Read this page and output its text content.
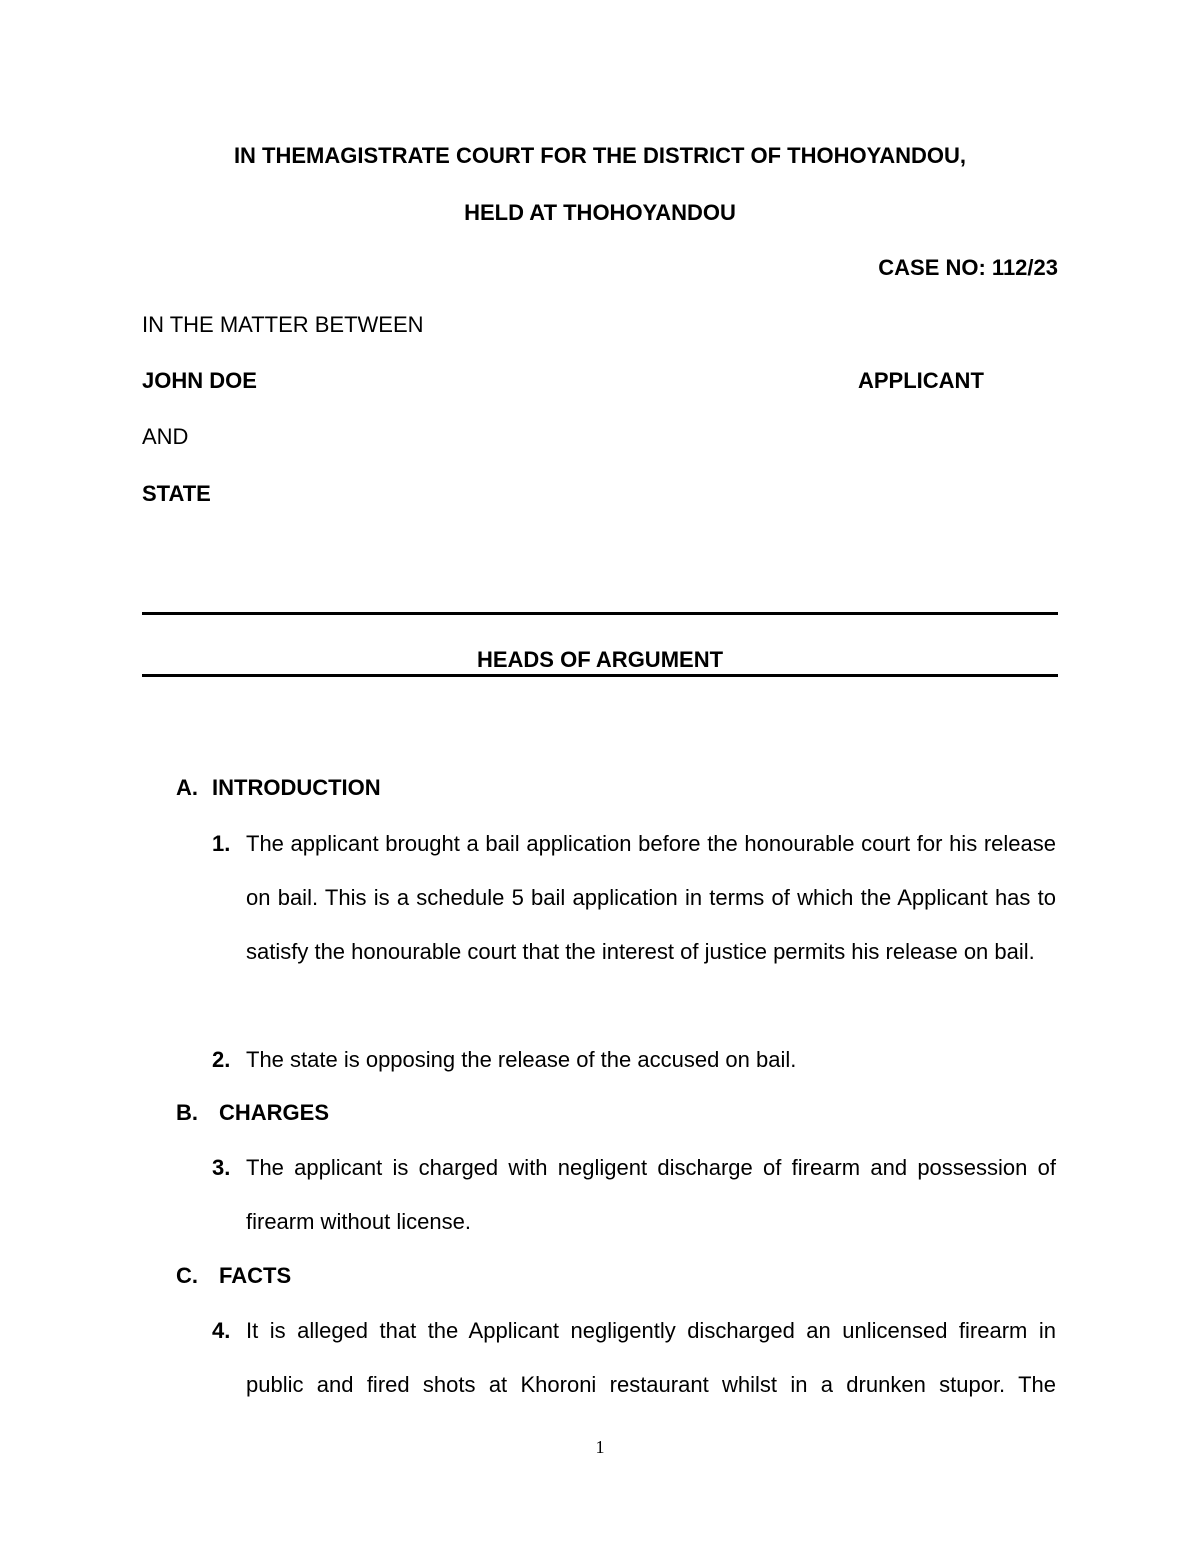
IN THEMAGISTRATE COURT FOR THE DISTRICT OF THOHOYANDOU,
HELD AT THOHOYANDOU
CASE NO: 112/23
IN THE MATTER BETWEEN
JOHN DOE	APPLICANT
AND
STATE
HEADS OF ARGUMENT
A. INTRODUCTION
1. The applicant brought a bail application before the honourable court for his release on bail. This is a schedule 5 bail application in terms of which the Applicant has to satisfy the honourable court that the interest of justice permits his release on bail.
2. The state is opposing the release of the accused on bail.
B. CHARGES
3. The applicant is charged with negligent discharge of firearm and possession of firearm without license.
C. FACTS
4. It is alleged that the Applicant negligently discharged an unlicensed firearm in public and fired shots at Khoroni restaurant whilst in a drunken stupor. The
1
